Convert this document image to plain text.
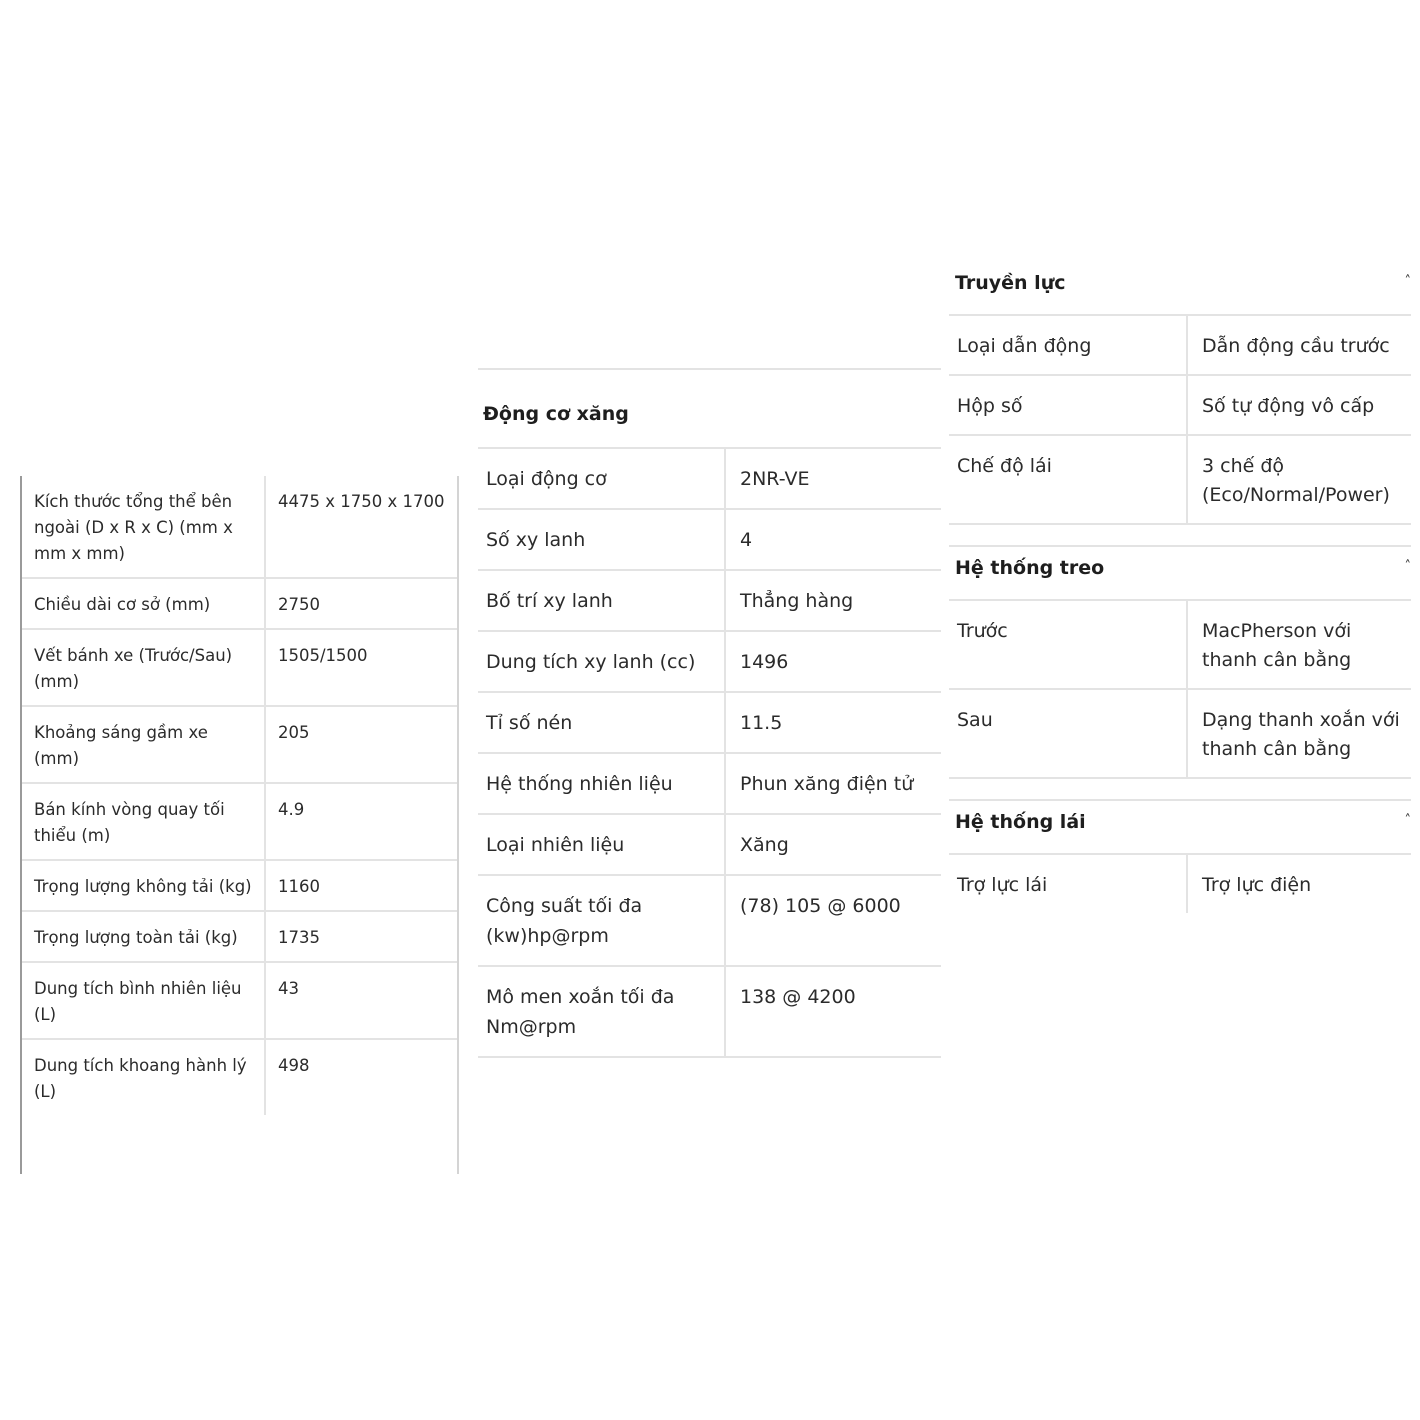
Kích thước tổng thể bên ngoài (D x R x C) (mm x mm x mm)	4475 x 1750 x 1700
Chiều dài cơ sở (mm)	2750
Vết bánh xe (Trước/Sau) (mm)	1505/1500
Khoảng sáng gầm xe (mm)	205
Bán kính vòng quay tối thiểu (m)	4.9
Trọng lượng không tải (kg)	1160
Trọng lượng toàn tải (kg)	1735
Dung tích bình nhiên liệu (L)	43
Dung tích khoang hành lý (L)	498
Động cơ xăng
Loại động cơ	2NR-VE
Số xy lanh	4
Bố trí xy lanh	Thẳng hàng
Dung tích xy lanh (cc)	1496
Tỉ số nén	11.5
Hệ thống nhiên liệu	Phun xăng điện tử
Loại nhiên liệu	Xăng
Công suất tối đa (kw)hp@rpm	(78) 105 @ 6000
Mô men xoắn tối đa Nm@rpm	138 @ 4200
Truyền lực	˄
Loại dẫn động	Dẫn động cầu trước
Hộp số	Số tự động vô cấp
Chế độ lái	3 chế độ (Eco/Normal/Power)
Hệ thống treo	˄
Trước	MacPherson với thanh cân bằng
Sau	Dạng thanh xoắn với thanh cân bằng
Hệ thống lái	˄
Trợ lực lái	Trợ lực điện
